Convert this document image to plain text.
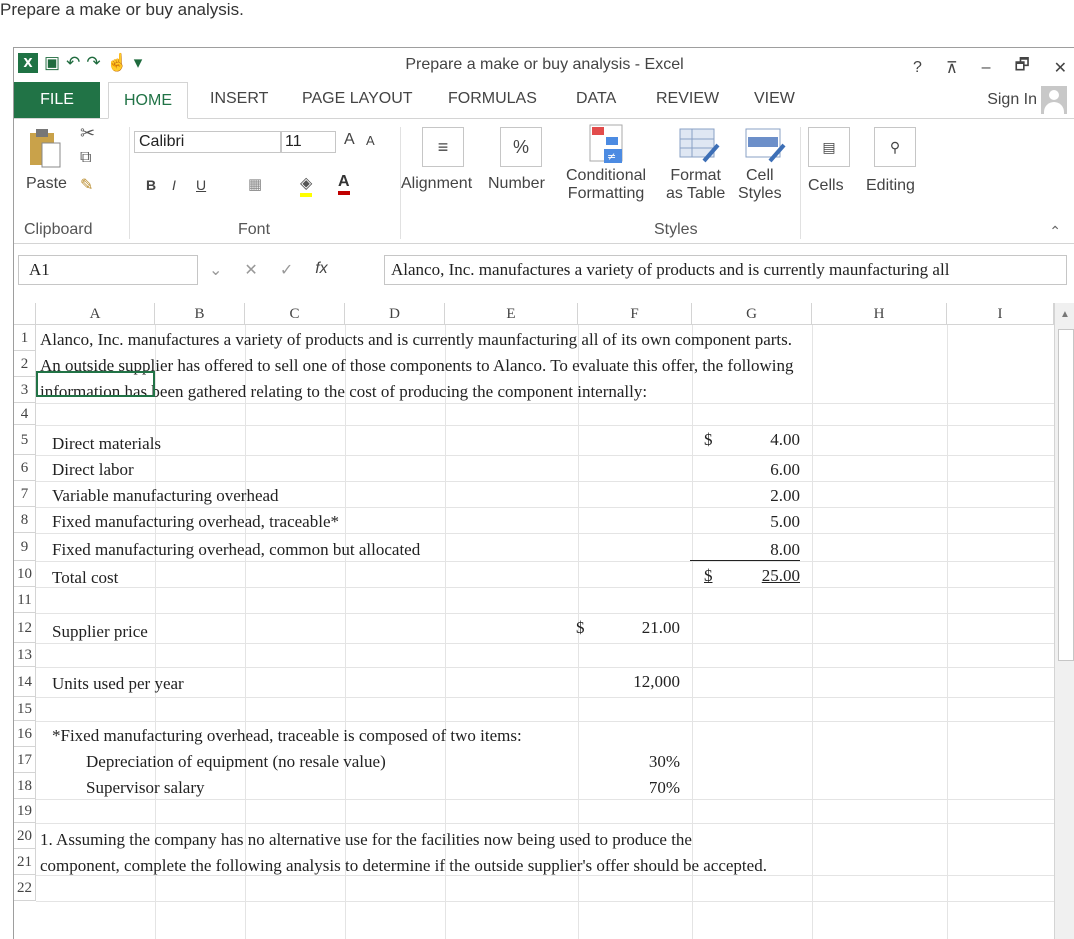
Prepare a make or buy analysis.
X ▣ ↶ ↷ ☝ ▾	Prepare a make or buy analysis - Excel	? ⊼ – 🗗 ✕
FILE	HOME	INSERT PAGE LAYOUT FORMULAS DATA REVIEW VIEW	Sign In
Paste
✂
⧉
✎
Clipboard
Calibri	11	A A
B I U	▦ ◈ A
Font
≡
Alignment
%
Number
≠
Conditional
Formatting
Format
as Table
Cell
Styles
Styles
▤
Cells
⚲
Editing
⌃
A1	⌄ ✕ ✓ fx	Alanco, Inc. manufactures a variety of products and is currently maunfacturing all
A	B	C	D	E	F	G	H	I
1
2
3
4
5
6
7
8
9
10
11
12
13
14
15
16
17
18
19
20
21
22
Alanco, Inc. manufactures a variety of products and is currently maunfacturing all of its own component parts.
An outside supplier has offered to sell one of those components to Alanco. To evaluate this offer, the following
information has been gathered relating to the cost of producing the component internally:
Direct materials	$	4.00
Direct labor	6.00
Variable manufacturing overhead	2.00
Fixed manufacturing overhead, traceable*	5.00
Fixed manufacturing overhead, common but allocated	8.00
Total cost	$	25.00
Supplier price	$	21.00
Units used per year	12,000
*Fixed manufacturing overhead, traceable is composed of two items:
Depreciation of equipment (no resale value)	30%
Supervisor salary	70%
1. Assuming the company has no alternative use for the facilities now being used to produce the
component, complete the following analysis to determine if the outside supplier's offer should be accepted.
▲
